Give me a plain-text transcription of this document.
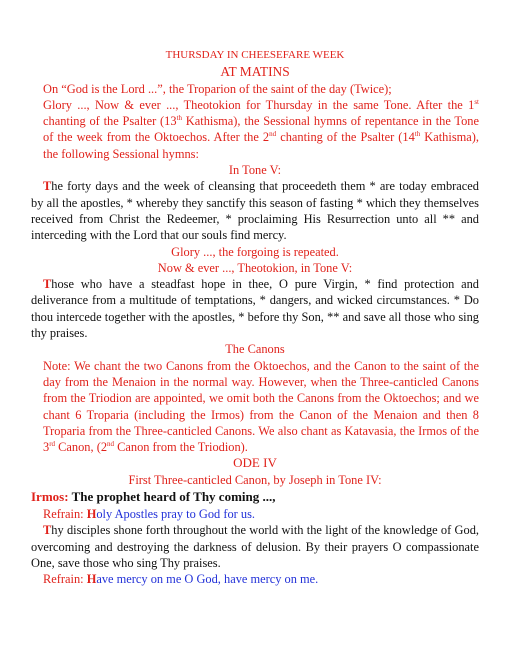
THURSDAY IN CHEESEFARE WEEK

AT MATINS

On “God is the Lord ...”, the Troparion of the saint of the day (Twice);

Glory ..., Now & ever ..., Theotokion for Thursday in the same Tone. After the 1st chanting of the Psalter (13th Kathisma), the Sessional hymns of repentance in the Tone of the week from the Oktoechos. After the 2nd chanting of the Psalter (14th Kathisma), the following Sessional hymns:

In Tone V:

The forty days and the week of cleansing that proceedeth them * are today embraced by all the apostles, * whereby they sanctify this season of fasting * which they themselves received from Christ the Redeemer, * proclaiming His Resurrection unto all ** and interceding with the Lord that our souls find mercy.

Glory ..., the forgoing is repeated.

Now & ever ..., Theotokion, in Tone V:

Those who have a steadfast hope in thee, O pure Virgin, * find protection and deliverance from a multitude of temptations, * dangers, and wicked circumstances. * Do thou intercede together with the apostles, * before thy Son, ** and save all those who sing thy praises.

The Canons

Note: We chant the two Canons from the Oktoechos, and the Canon to the saint of the day from the Menaion in the normal way. However, when the Three-canticled Canons from the Triodion are appointed, we omit both the Canons from the Oktoechos; and we chant 6 Troparia (including the Irmos) from the Canon of the Menaion and then 8 Troparia from the Three-canticled Canons. We also chant as Katavasia, the Irmos of the 3rd Canon, (2nd Canon from the Triodion).

ODE IV

First Three-canticled Canon, by Joseph in Tone IV:

Irmos: The prophet heard of Thy coming ...,

Refrain: Holy Apostles pray to God for us.

Thy disciples shone forth throughout the world with the light of the knowledge of God, overcoming and destroying the darkness of delusion. By their prayers O compassionate One, save those who sing Thy praises.

Refrain: Have mercy on me O God, have mercy on me.
